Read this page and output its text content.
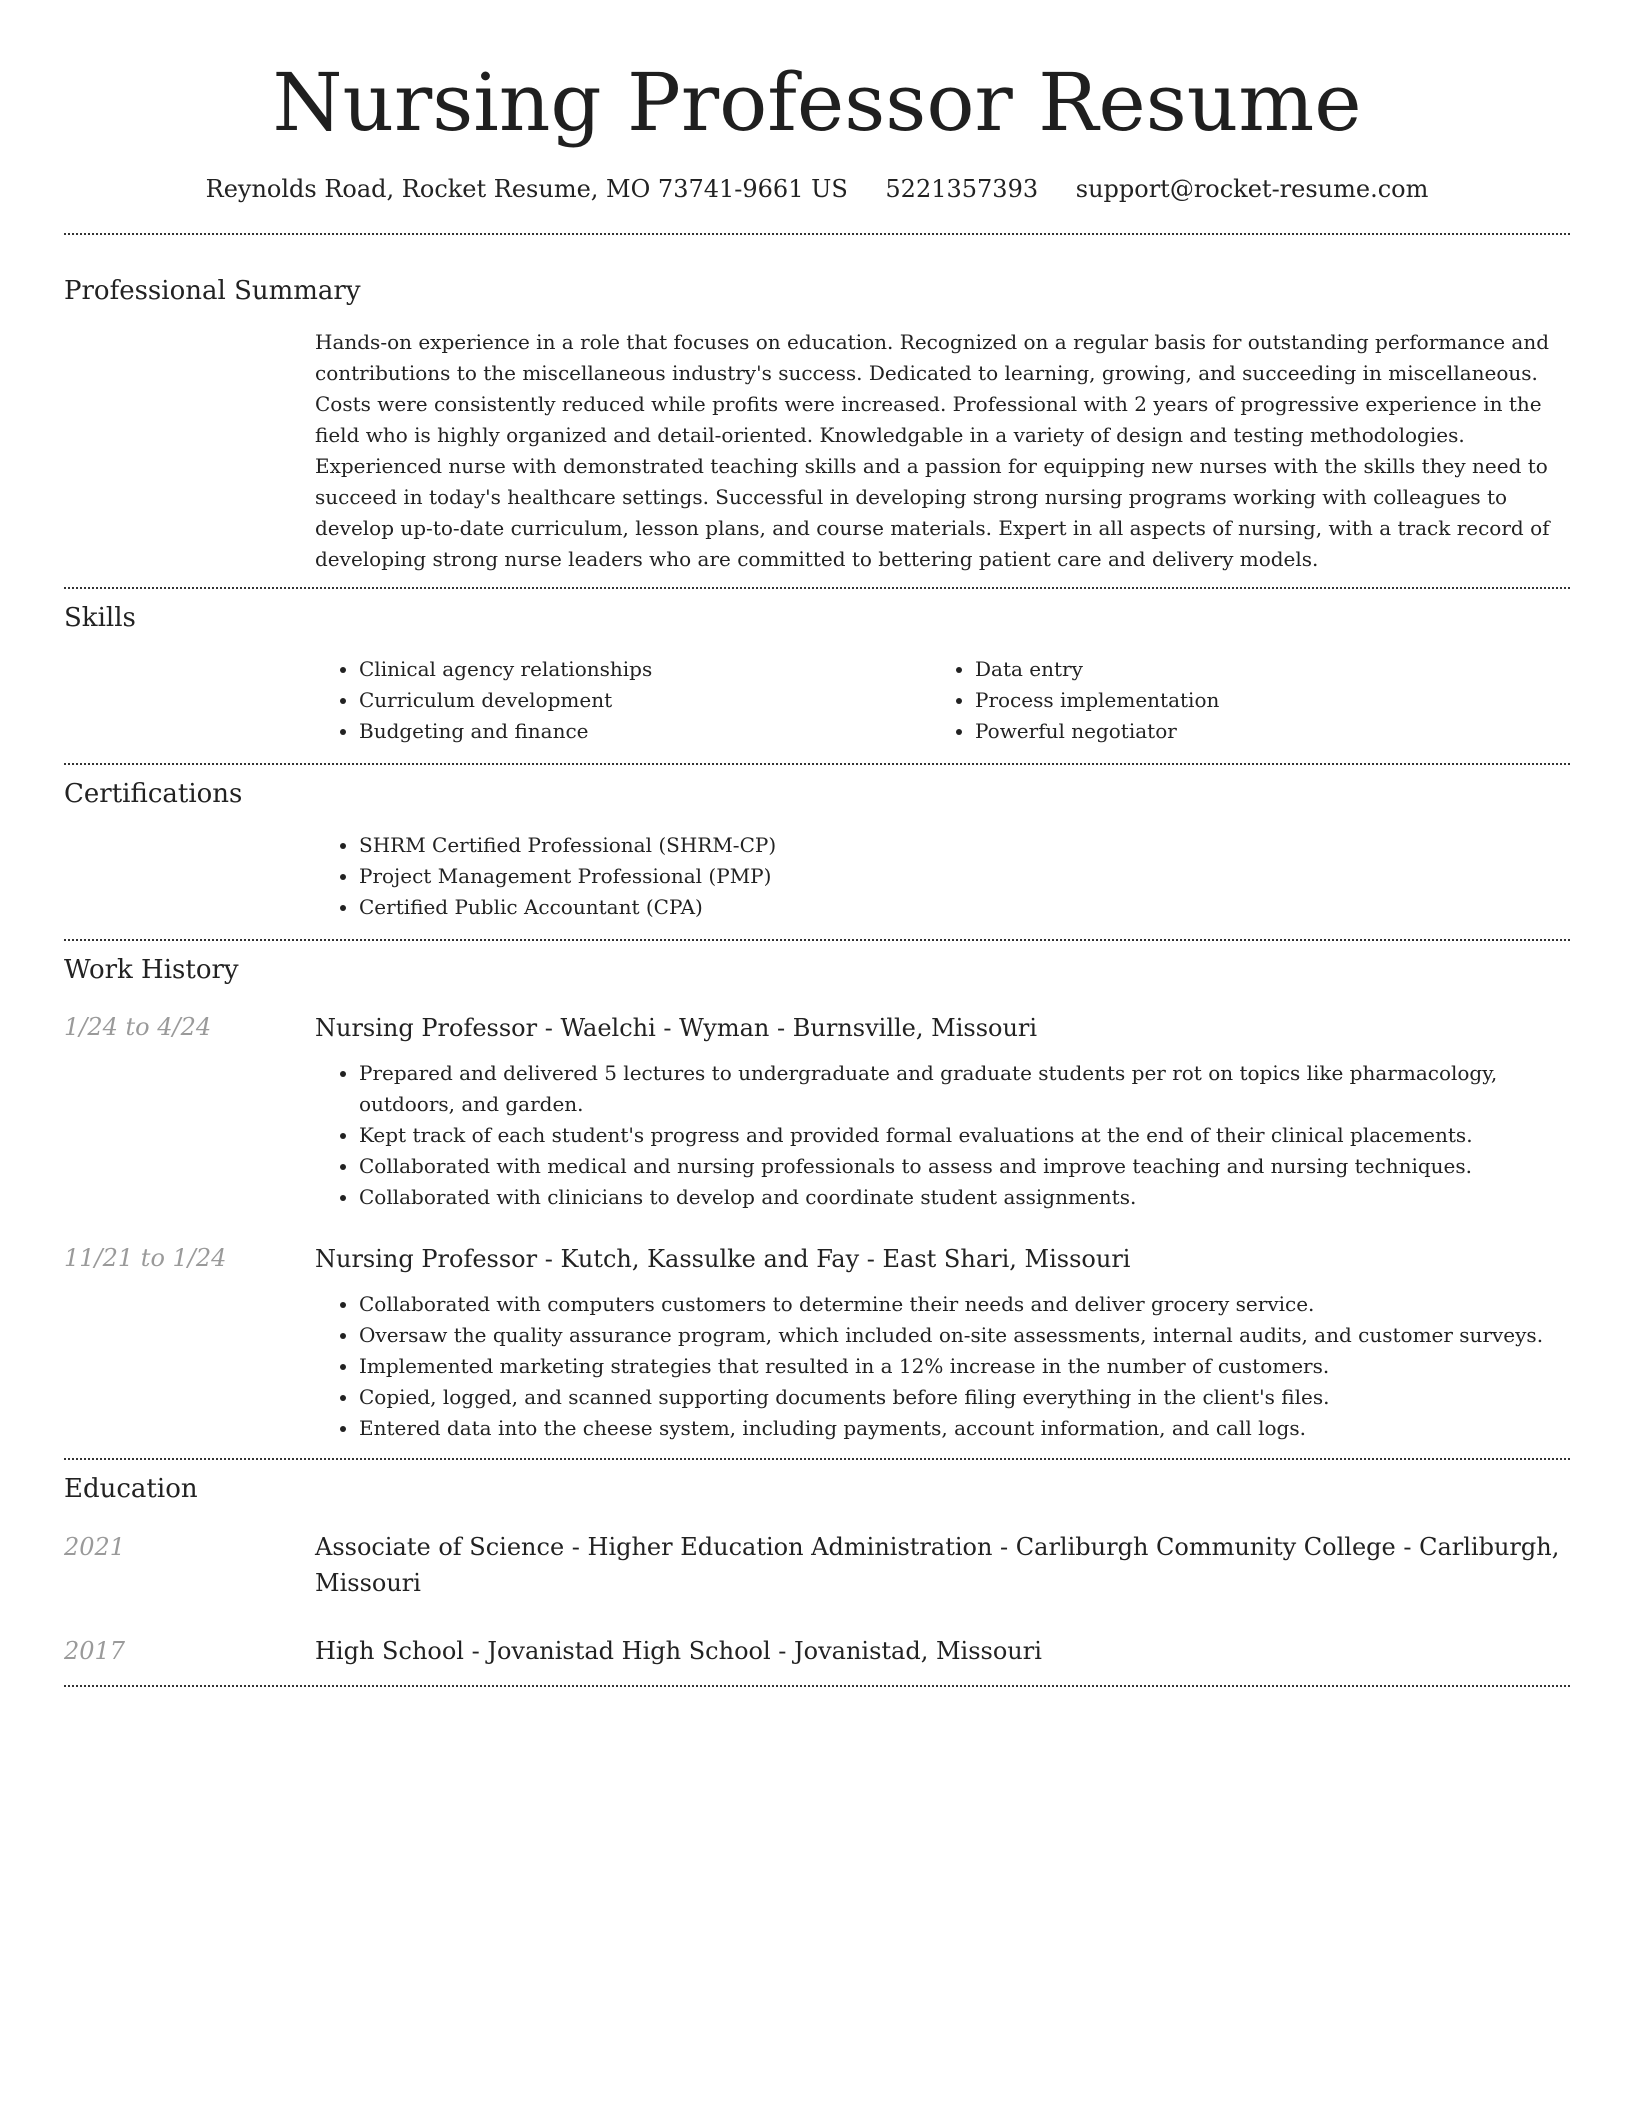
Nursing Professor Resume
Reynolds Road, Rocket Resume, MO 73741-9661 US 5221357393 support@rocket-resume.com
Professional Summary
Hands-on experience in a role that focuses on education. Recognized on a regular basis for outstanding performance and contributions to the miscellaneous industry's success. Dedicated to learning, growing, and succeeding in miscellaneous. Costs were consistently reduced while profits were increased. Professional with 2 years of progressive experience in the field who is highly organized and detail-oriented. Knowledgable in a variety of design and testing methodologies. Experienced nurse with demonstrated teaching skills and a passion for equipping new nurses with the skills they need to succeed in today's healthcare settings. Successful in developing strong nursing programs working with colleagues to develop up-to-date curriculum, lesson plans, and course materials. Expert in all aspects of nursing, with a track record of developing strong nurse leaders who are committed to bettering patient care and delivery models.
Skills
• Clinical agency relationships
• Curriculum development
• Budgeting and finance
• Data entry
• Process implementation
• Powerful negotiator
Certifications
• SHRM Certified Professional (SHRM-CP)
• Project Management Professional (PMP)
• Certified Public Accountant (CPA)
Work History
1/24 to 4/24	Nursing Professor - Waelchi - Wyman - Burnsville, Missouri
• Prepared and delivered 5 lectures to undergraduate and graduate students per rot on topics like pharmacology, outdoors, and garden.
• Kept track of each student's progress and provided formal evaluations at the end of their clinical placements.
• Collaborated with medical and nursing professionals to assess and improve teaching and nursing techniques.
• Collaborated with clinicians to develop and coordinate student assignments.
11/21 to 1/24	Nursing Professor - Kutch, Kassulke and Fay - East Shari, Missouri
• Collaborated with computers customers to determine their needs and deliver grocery service.
• Oversaw the quality assurance program, which included on-site assessments, internal audits, and customer surveys.
• Implemented marketing strategies that resulted in a 12% increase in the number of customers.
• Copied, logged, and scanned supporting documents before filing everything in the client's files.
• Entered data into the cheese system, including payments, account information, and call logs.
Education
2021	Associate of Science - Higher Education Administration - Carliburgh Community College - Carliburgh, Missouri
2017	High School - Jovanistad High School - Jovanistad, Missouri
